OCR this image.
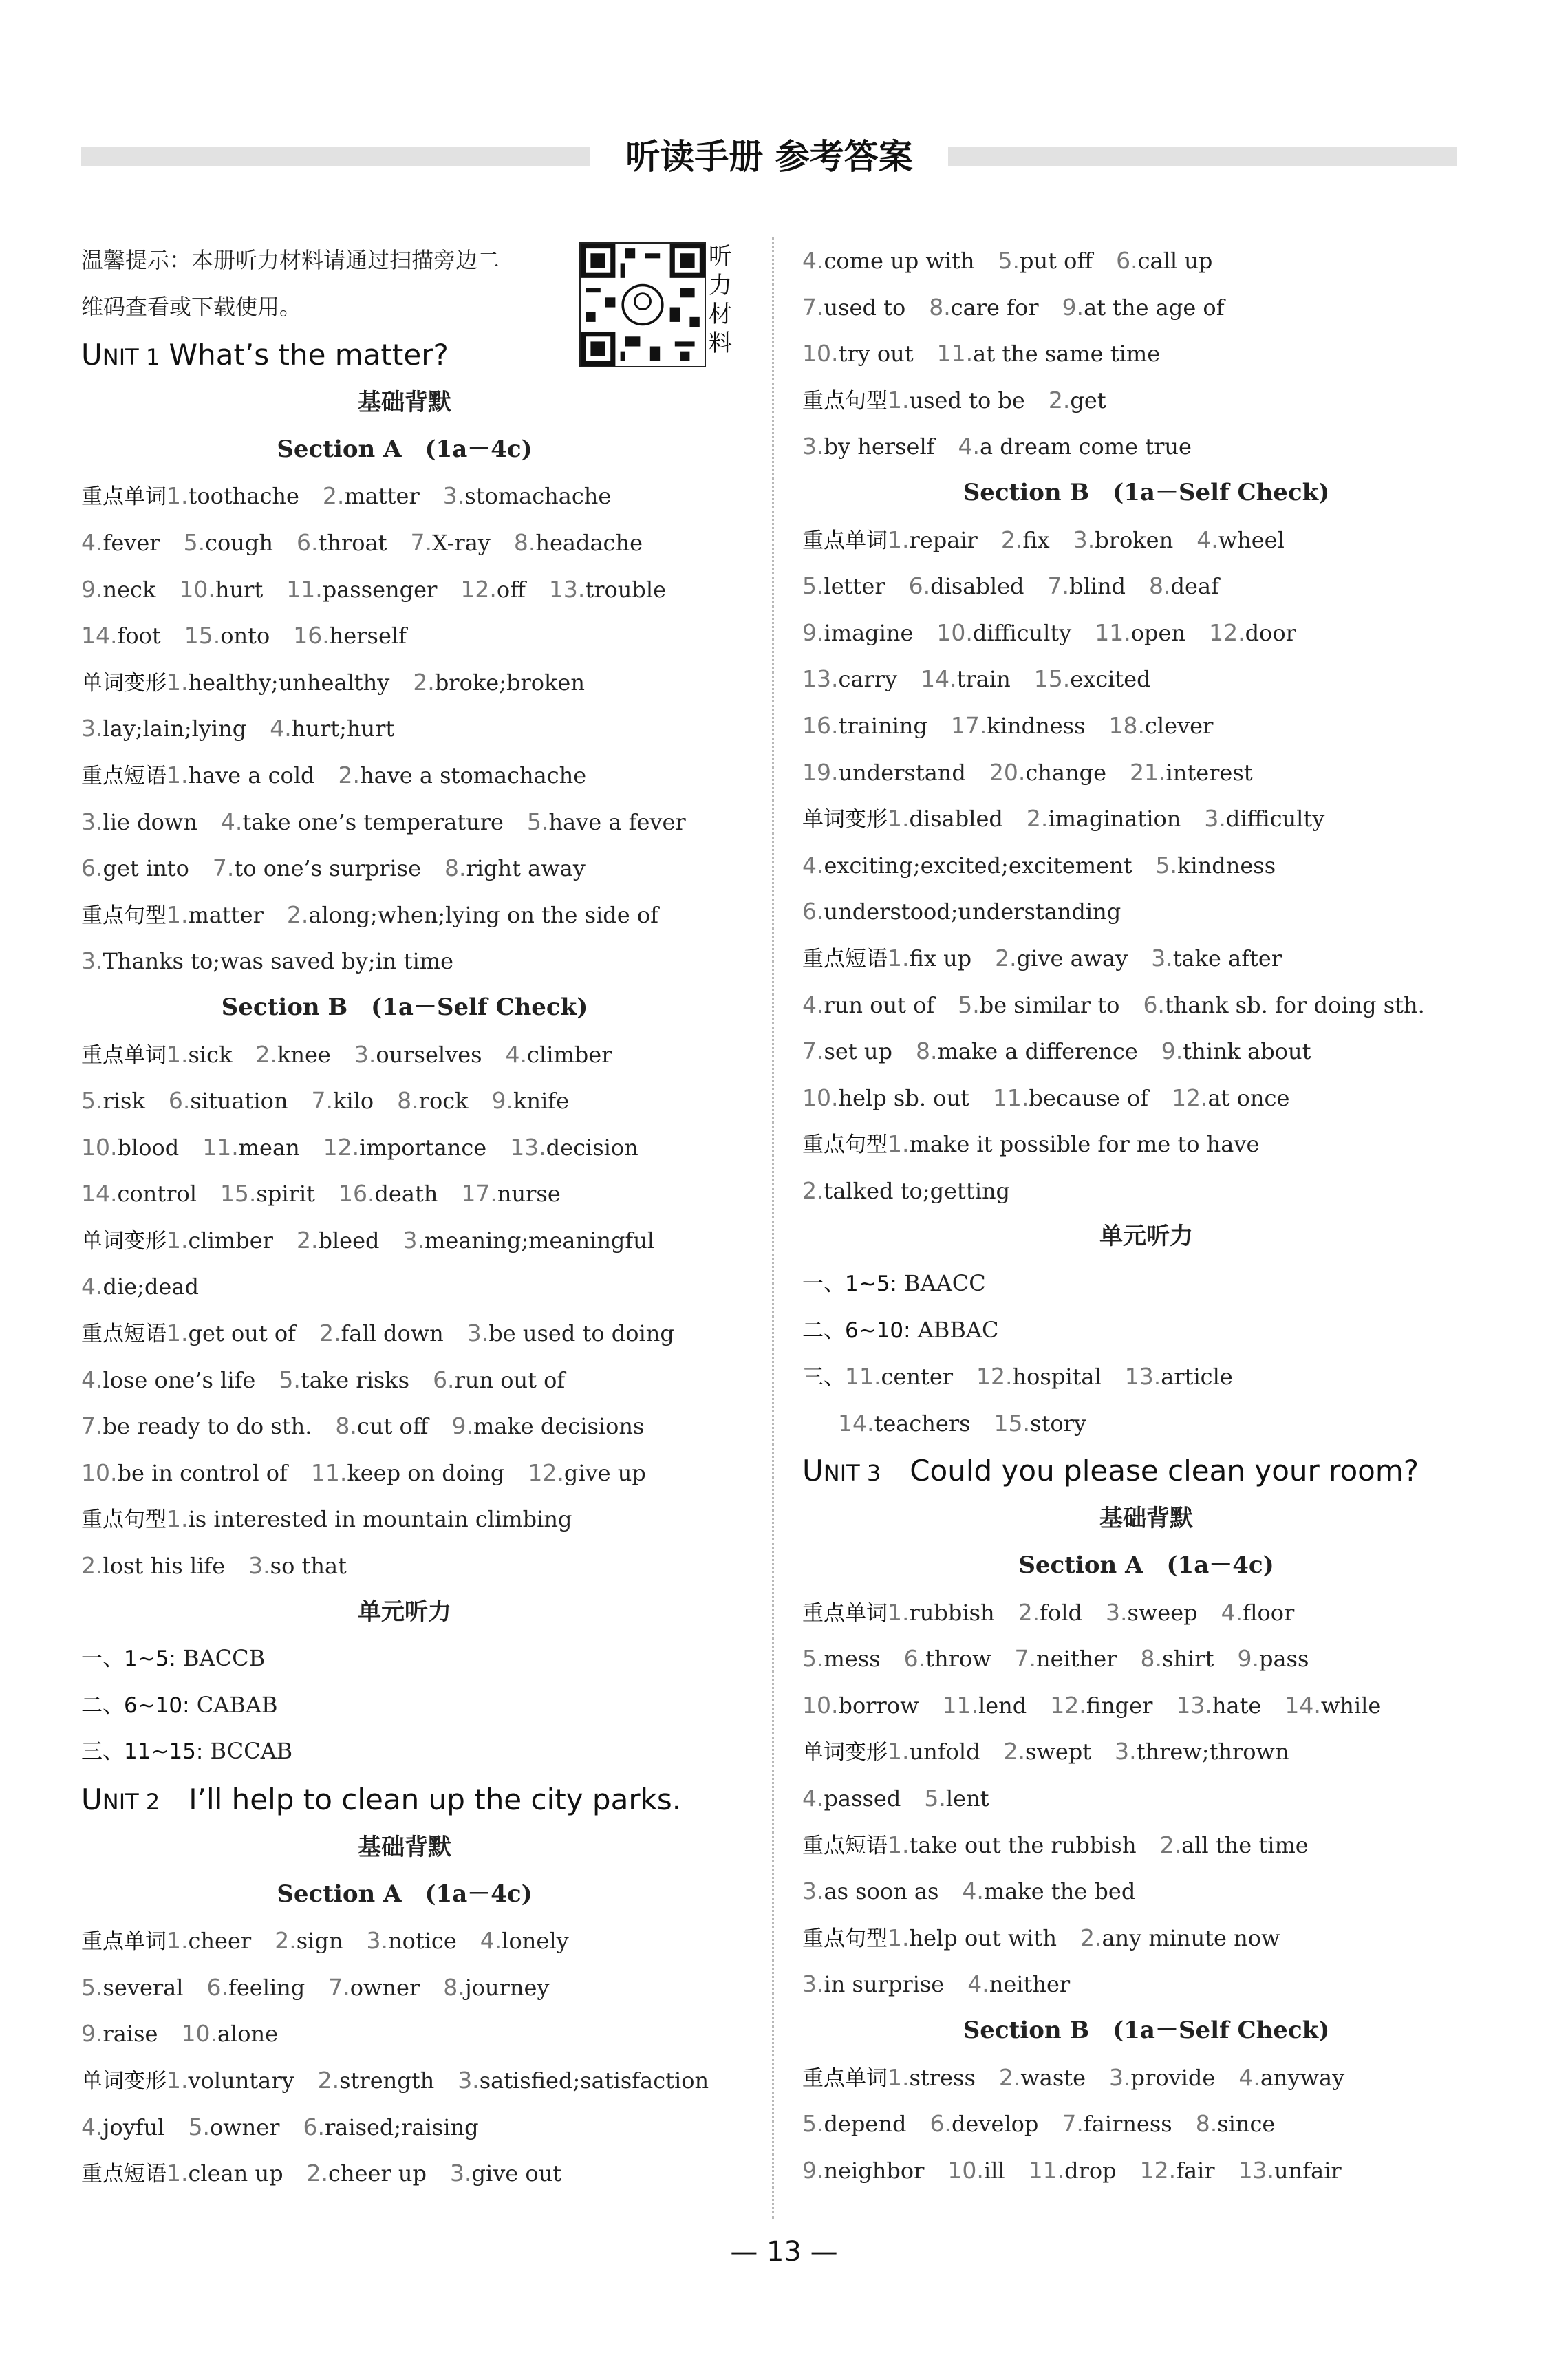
听读手册 参考答案
温馨提示：本册听力材料请通过扫描旁边二
维码查看或下载使用。
UNIT 1 What’s the matter?
基础背默
Section A　(1a－4c)
重点单词1.toothache 2.matter 3.stomachache
4.fever 5.cough 6.throat 7.X-ray 8.headache
9.neck 10.hurt 11.passenger 12.off 13.trouble
14.foot 15.onto 16.herself
单词变形1.healthy;unhealthy 2.broke;broken
3.lay;lain;lying 4.hurt;hurt
重点短语1.have a cold 2.have a stomachache
3.lie down 4.take one’s temperature 5.have a fever
6.get into 7.to one’s surprise 8.right away
重点句型1.matter 2.along;when;lying on the side of
3.Thanks to;was saved by;in time
Section B　(1a－Self Check)
重点单词1.sick 2.knee 3.ourselves 4.climber
5.risk 6.situation 7.kilo 8.rock 9.knife
10.blood 11.mean 12.importance 13.decision
14.control 15.spirit 16.death 17.nurse
单词变形1.climber 2.bleed 3.meaning;meaningful
4.die;dead
重点短语1.get out of 2.fall down 3.be used to doing
4.lose one’s life 5.take risks 6.run out of
7.be ready to do sth. 8.cut off 9.make decisions
10.be in control of 11.keep on doing 12.give up
重点句型1.is interested in mountain climbing
2.lost his life 3.so that
单元听力
一、1~5: BACCB
二、6~10: CABAB
三、11~15: BCCAB
UNIT 2　I’ll help to clean up the city parks.
基础背默
Section A　(1a－4c)
重点单词1.cheer 2.sign 3.notice 4.lonely
5.several 6.feeling 7.owner 8.journey
9.raise 10.alone
单词变形1.voluntary 2.strength 3.satisfied;satisfaction
4.joyful 5.owner 6.raised;raising
重点短语1.clean up 2.cheer up 3.give out
听力材料
4.come up with 5.put off 6.call up
7.used to 8.care for 9.at the age of
10.try out 11.at the same time
重点句型1.used to be 2.get
3.by herself 4.a dream come true
Section B　(1a－Self Check)
重点单词1.repair 2.fix 3.broken 4.wheel
5.letter 6.disabled 7.blind 8.deaf
9.imagine 10.difficulty 11.open 12.door
13.carry 14.train 15.excited
16.training 17.kindness 18.clever
19.understand 20.change 21.interest
单词变形1.disabled 2.imagination 3.difficulty
4.exciting;excited;excitement 5.kindness
6.understood;understanding
重点短语1.fix up 2.give away 3.take after
4.run out of 5.be similar to 6.thank sb. for doing sth.
7.set up 8.make a difference 9.think about
10.help sb. out 11.because of 12.at once
重点句型1.make it possible for me to have
2.talked to;getting
单元听力
一、1~5: BAACC
二、6~10: ABBAC
三、11.center 12.hospital 13.article
14.teachers 15.story
UNIT 3　Could you please clean your room?
基础背默
Section A　(1a－4c)
重点单词1.rubbish 2.fold 3.sweep 4.floor
5.mess 6.throw 7.neither 8.shirt 9.pass
10.borrow 11.lend 12.finger 13.hate 14.while
单词变形1.unfold 2.swept 3.threw;thrown
4.passed 5.lent
重点短语1.take out the rubbish 2.all the time
3.as soon as 4.make the bed
重点句型1.help out with 2.any minute now
3.in surprise 4.neither
Section B　(1a－Self Check)
重点单词1.stress 2.waste 3.provide 4.anyway
5.depend 6.develop 7.fairness 8.since
9.neighbor 10.ill 11.drop 12.fair 13.unfair
— 13 —
